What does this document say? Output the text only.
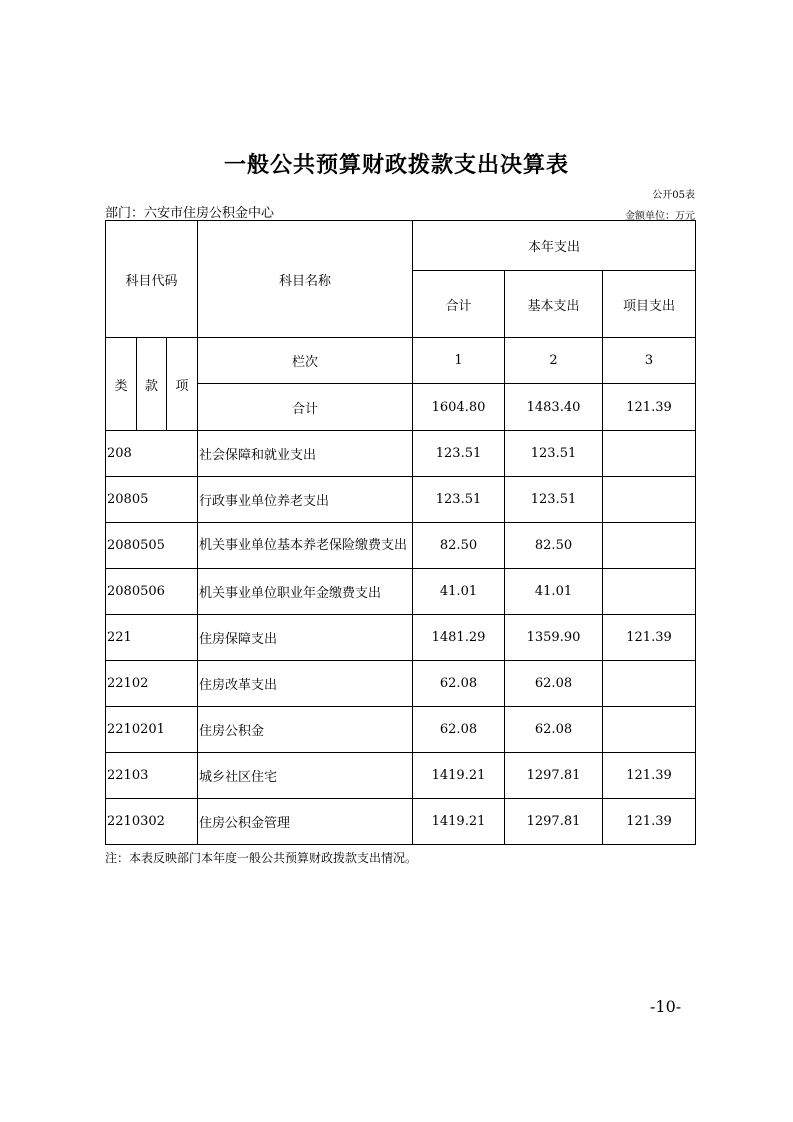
一般公共预算财政拨款支出决算表
公开05表
部门：六安市住房公积金中心	金额单位：万元
科目代码			科目名称	本年支出		
				合计	基本支出	项目支出
类	款	项	栏次	1	2	3
			合计	1604.80	1483.40	121.39
208			社会保障和就业支出	123.51	123.51	
20805			行政事业单位养老支出	123.51	123.51	
2080505			机关事业单位基本养老保险缴费支出	82.50	82.50	
2080506			机关事业单位职业年金缴费支出	41.01	41.01	
221			住房保障支出	1481.29	1359.90	121.39
22102			住房改革支出	62.08	62.08	
2210201			住房公积金	62.08	62.08	
22103			城乡社区住宅	1419.21	1297.81	121.39
2210302			住房公积金管理	1419.21	1297.81	121.39
注：本表反映部门本年度一般公共预算财政拨款支出情况。
-10-
